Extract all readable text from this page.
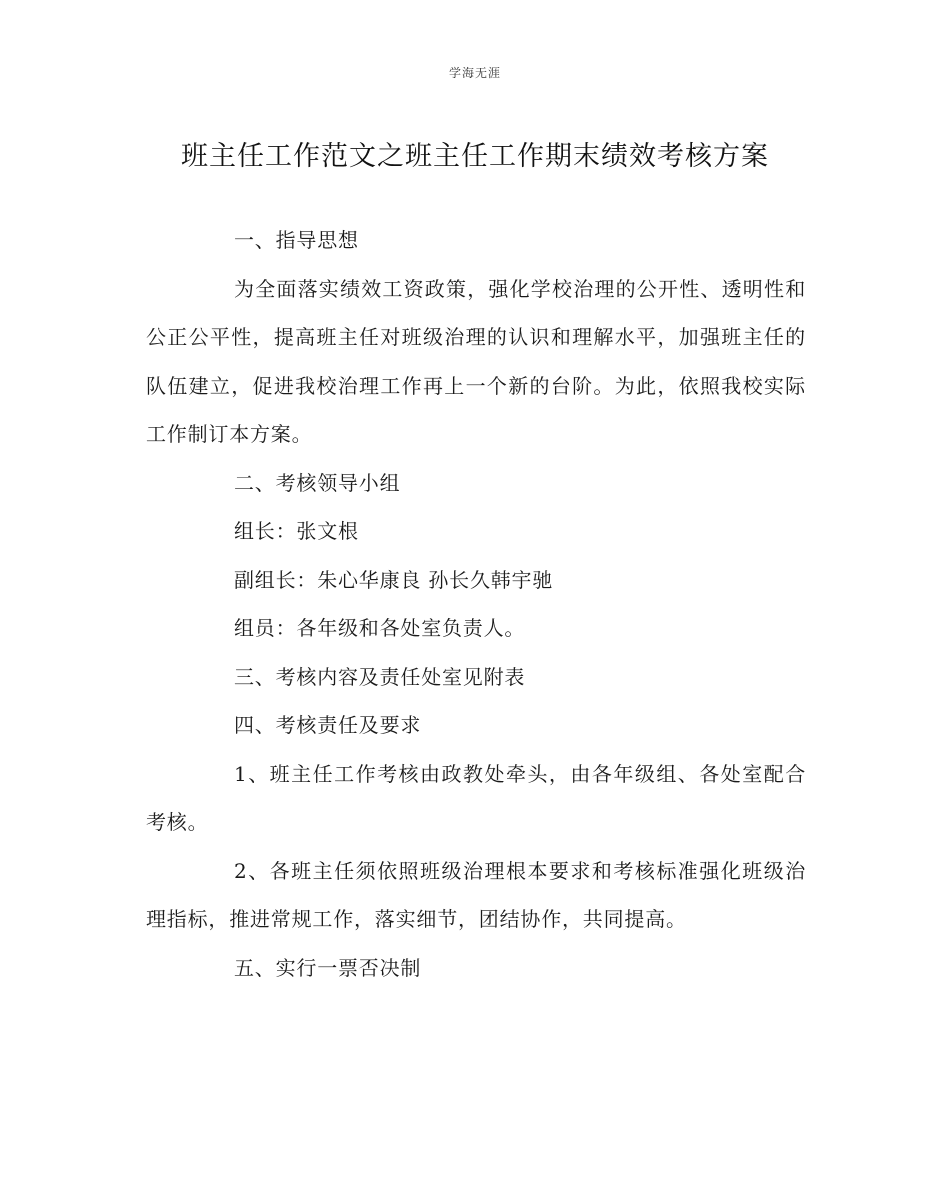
学海无涯
班主任工作范文之班主任工作期末绩效考核方案

一、指导思想

为全面落实绩效工资政策，强化学校治理的公开性、透明性和公正公平性，提高班主任对班级治理的认识和理解水平，加强班主任的队伍建立，促进我校治理工作再上一个新的台阶。为此，依照我校实际工作制订本方案。

二、考核领导小组

组长：张文根

副组长：朱心华康良 孙长久韩宇驰

组员：各年级和各处室负责人。

三、考核内容及责任处室见附表

四、考核责任及要求

1、班主任工作考核由政教处牵头，由各年级组、各处室配合考核。

2、各班主任须依照班级治理根本要求和考核标准强化班级治理指标，推进常规工作，落实细节，团结协作，共同提高。

五、实行一票否决制
